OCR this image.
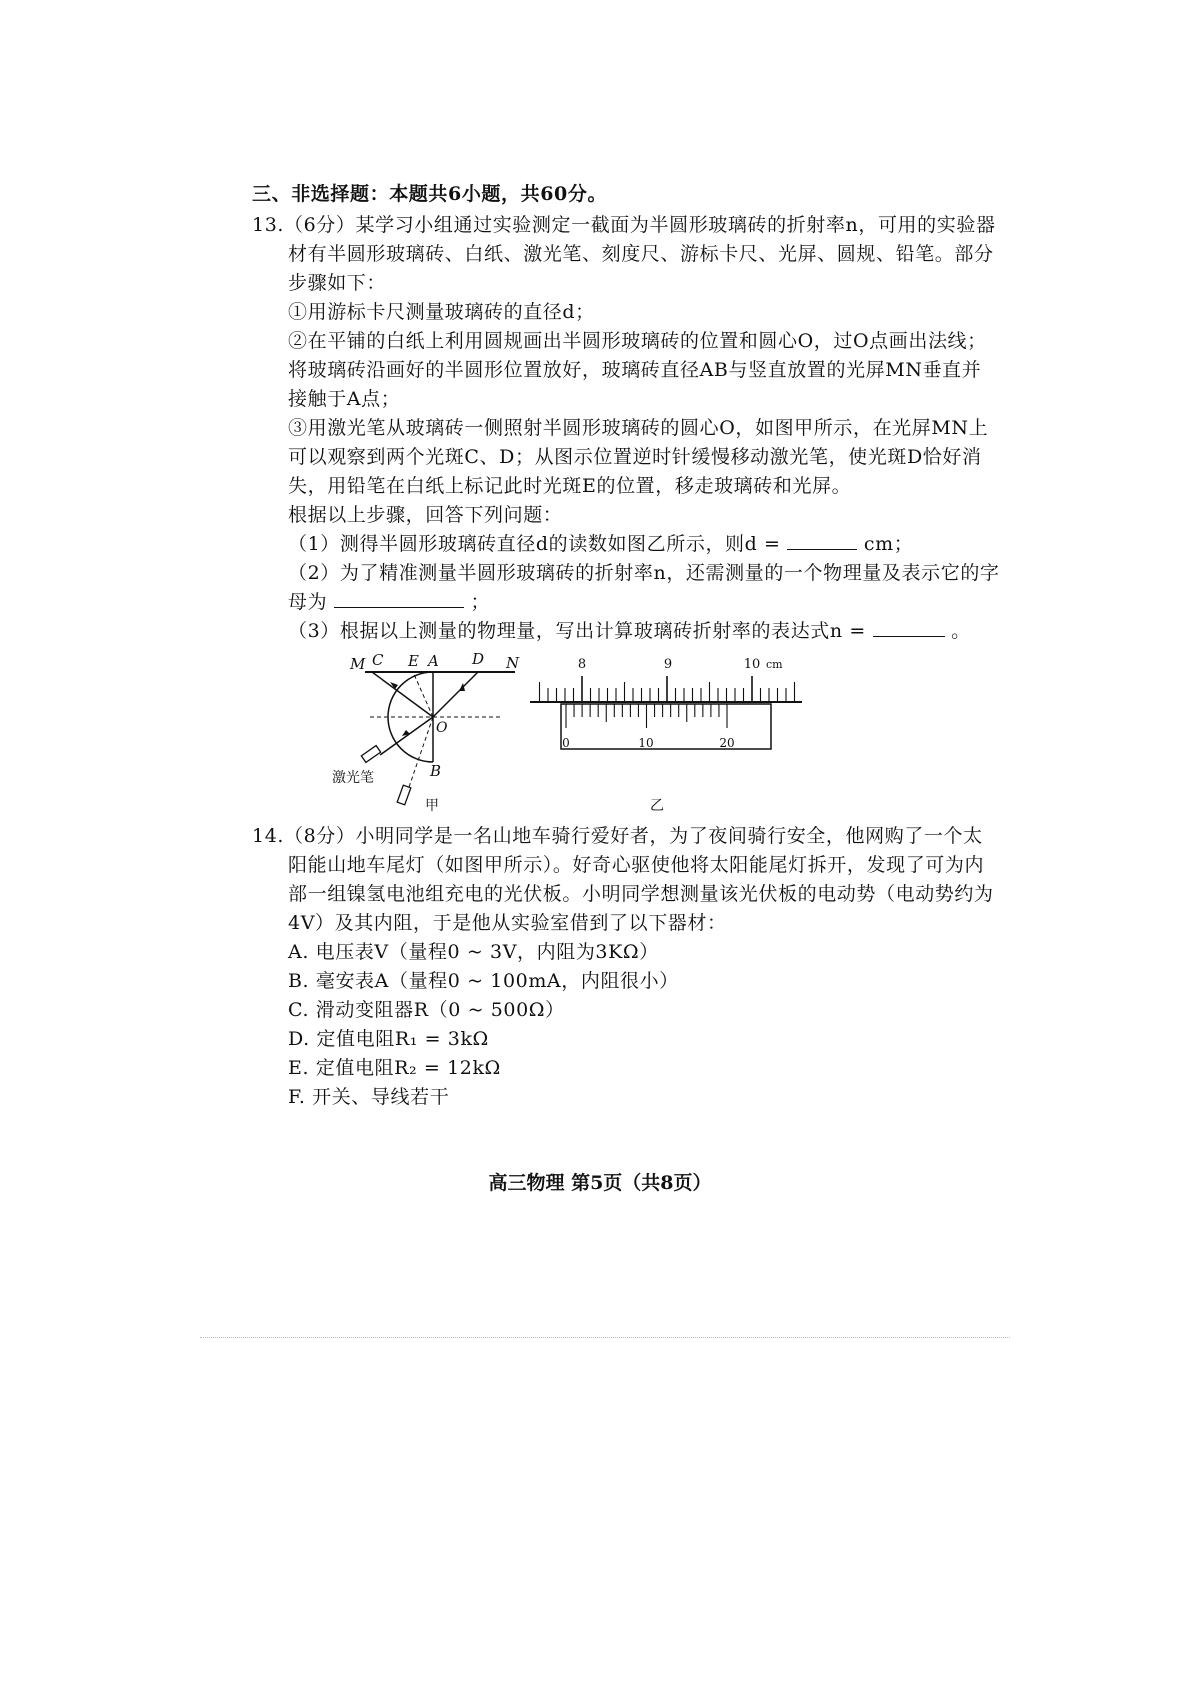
三、非选择题：本题共6小题，共60分。
13.（6分）某学习小组通过实验测定一截面为半圆形玻璃砖的折射率n，可用的实验器
材有半圆形玻璃砖、白纸、激光笔、刻度尺、游标卡尺、光屏、圆规、铅笔。部分
步骤如下：
①用游标卡尺测量玻璃砖的直径d；
②在平铺的白纸上利用圆规画出半圆形玻璃砖的位置和圆心O，过O点画出法线；
将玻璃砖沿画好的半圆形位置放好，玻璃砖直径AB与竖直放置的光屏MN垂直并
接触于A点；
③用激光笔从玻璃砖一侧照射半圆形玻璃砖的圆心O，如图甲所示，在光屏MN上
可以观察到两个光斑C、D；从图示位置逆时针缓慢移动激光笔，使光斑D恰好消
失，用铅笔在白纸上标记此时光斑E的位置，移走玻璃砖和光屏。
根据以上步骤，回答下列问题：
（1）测得半圆形玻璃砖直径d的读数如图乙所示，则d =	cm；
（2）为了精准测量半圆形玻璃砖的折射率n，还需测量的一个物理量及表示它的字
母为	；
（3）根据以上测量的物理量，写出计算玻璃砖折射率的表达式n =	。
M C E A D N
O
B
激光笔
甲
8	9	10 cm
0	10	20
乙
14.（8分）小明同学是一名山地车骑行爱好者，为了夜间骑行安全，他网购了一个太
阳能山地车尾灯（如图甲所示）。好奇心驱使他将太阳能尾灯拆开，发现了可为内
部一组镍氢电池组充电的光伏板。小明同学想测量该光伏板的电动势（电动势约为
4V）及其内阻，于是他从实验室借到了以下器材：
A. 电压表V（量程0 ~ 3V，内阻为3KΩ）
B. 毫安表A（量程0 ~ 100mA，内阻很小）
C. 滑动变阻器R（0 ~ 500Ω）
D. 定值电阻R₁ = 3kΩ
E. 定值电阻R₂ = 12kΩ
F. 开关、导线若干
高三物理 第5页（共8页）
